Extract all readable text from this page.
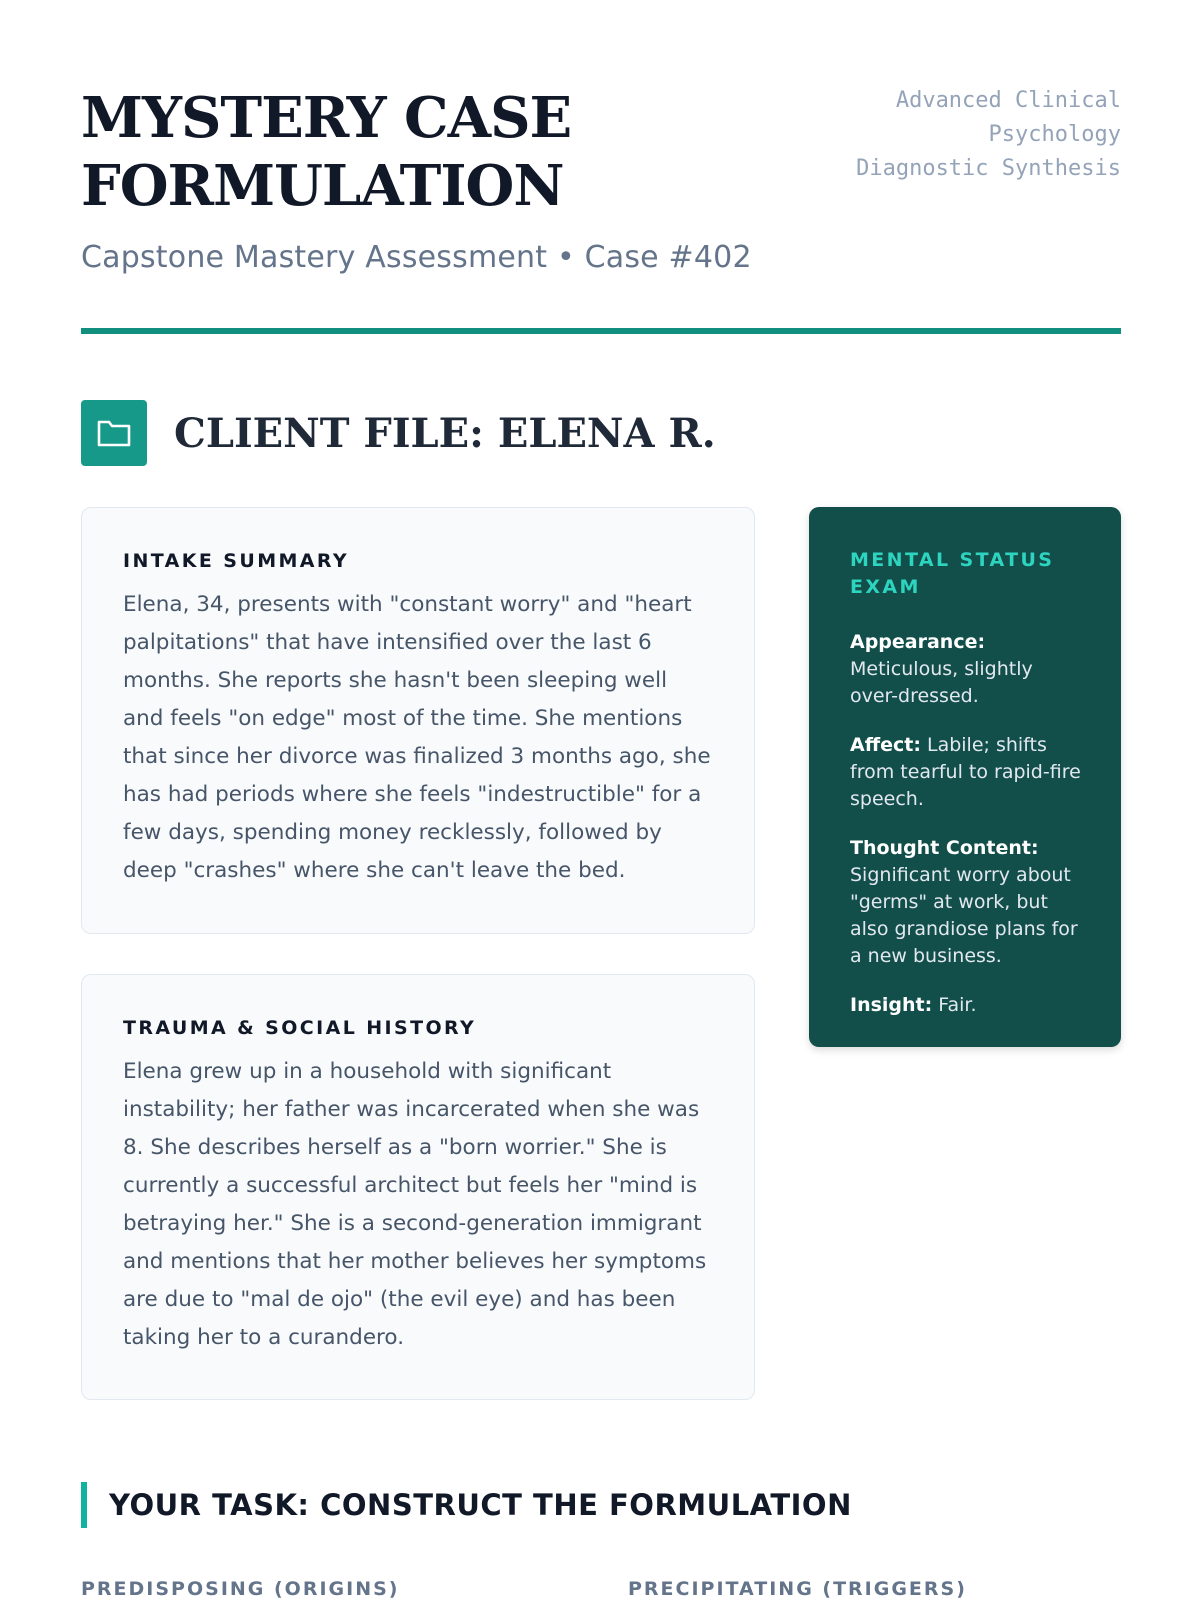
MYSTERY CASE FORMULATION
Capstone Mastery Assessment • Case #402
Advanced Clinical
Psychology
Diagnostic Synthesis
CLIENT FILE: ELENA R.
INTAKE SUMMARY

Elena, 34, presents with "constant worry" and "heart palpitations" that have intensified over the last 6 months. She reports she hasn't been sleeping well and feels "on edge" most of the time. She mentions that since her divorce was finalized 3 months ago, she has had periods where she feels "indestructible" for a few days, spending money recklessly, followed by deep "crashes" where she can't leave the bed.

TRAUMA & SOCIAL HISTORY

Elena grew up in a household with significant instability; her father was incarcerated when she was 8. She describes herself as a "born worrier." She is currently a successful architect but feels her "mind is betraying her." She is a second-generation immigrant and mentions that her mother believes her symptoms are due to "mal de ojo" (the evil eye) and has been taking her to a curandero.

MENTAL STATUS EXAM
Appearance: Meticulous, slightly over-dressed.
Affect: Labile; shifts from tearful to rapid-fire speech.
Thought Content: Significant worry about "germs" at work, but also grandiose plans for a new business.
Insight: Fair.
YOUR TASK: CONSTRUCT THE FORMULATION
PREDISPOSING (ORIGINS)	PRECIPITATING (TRIGGERS)
